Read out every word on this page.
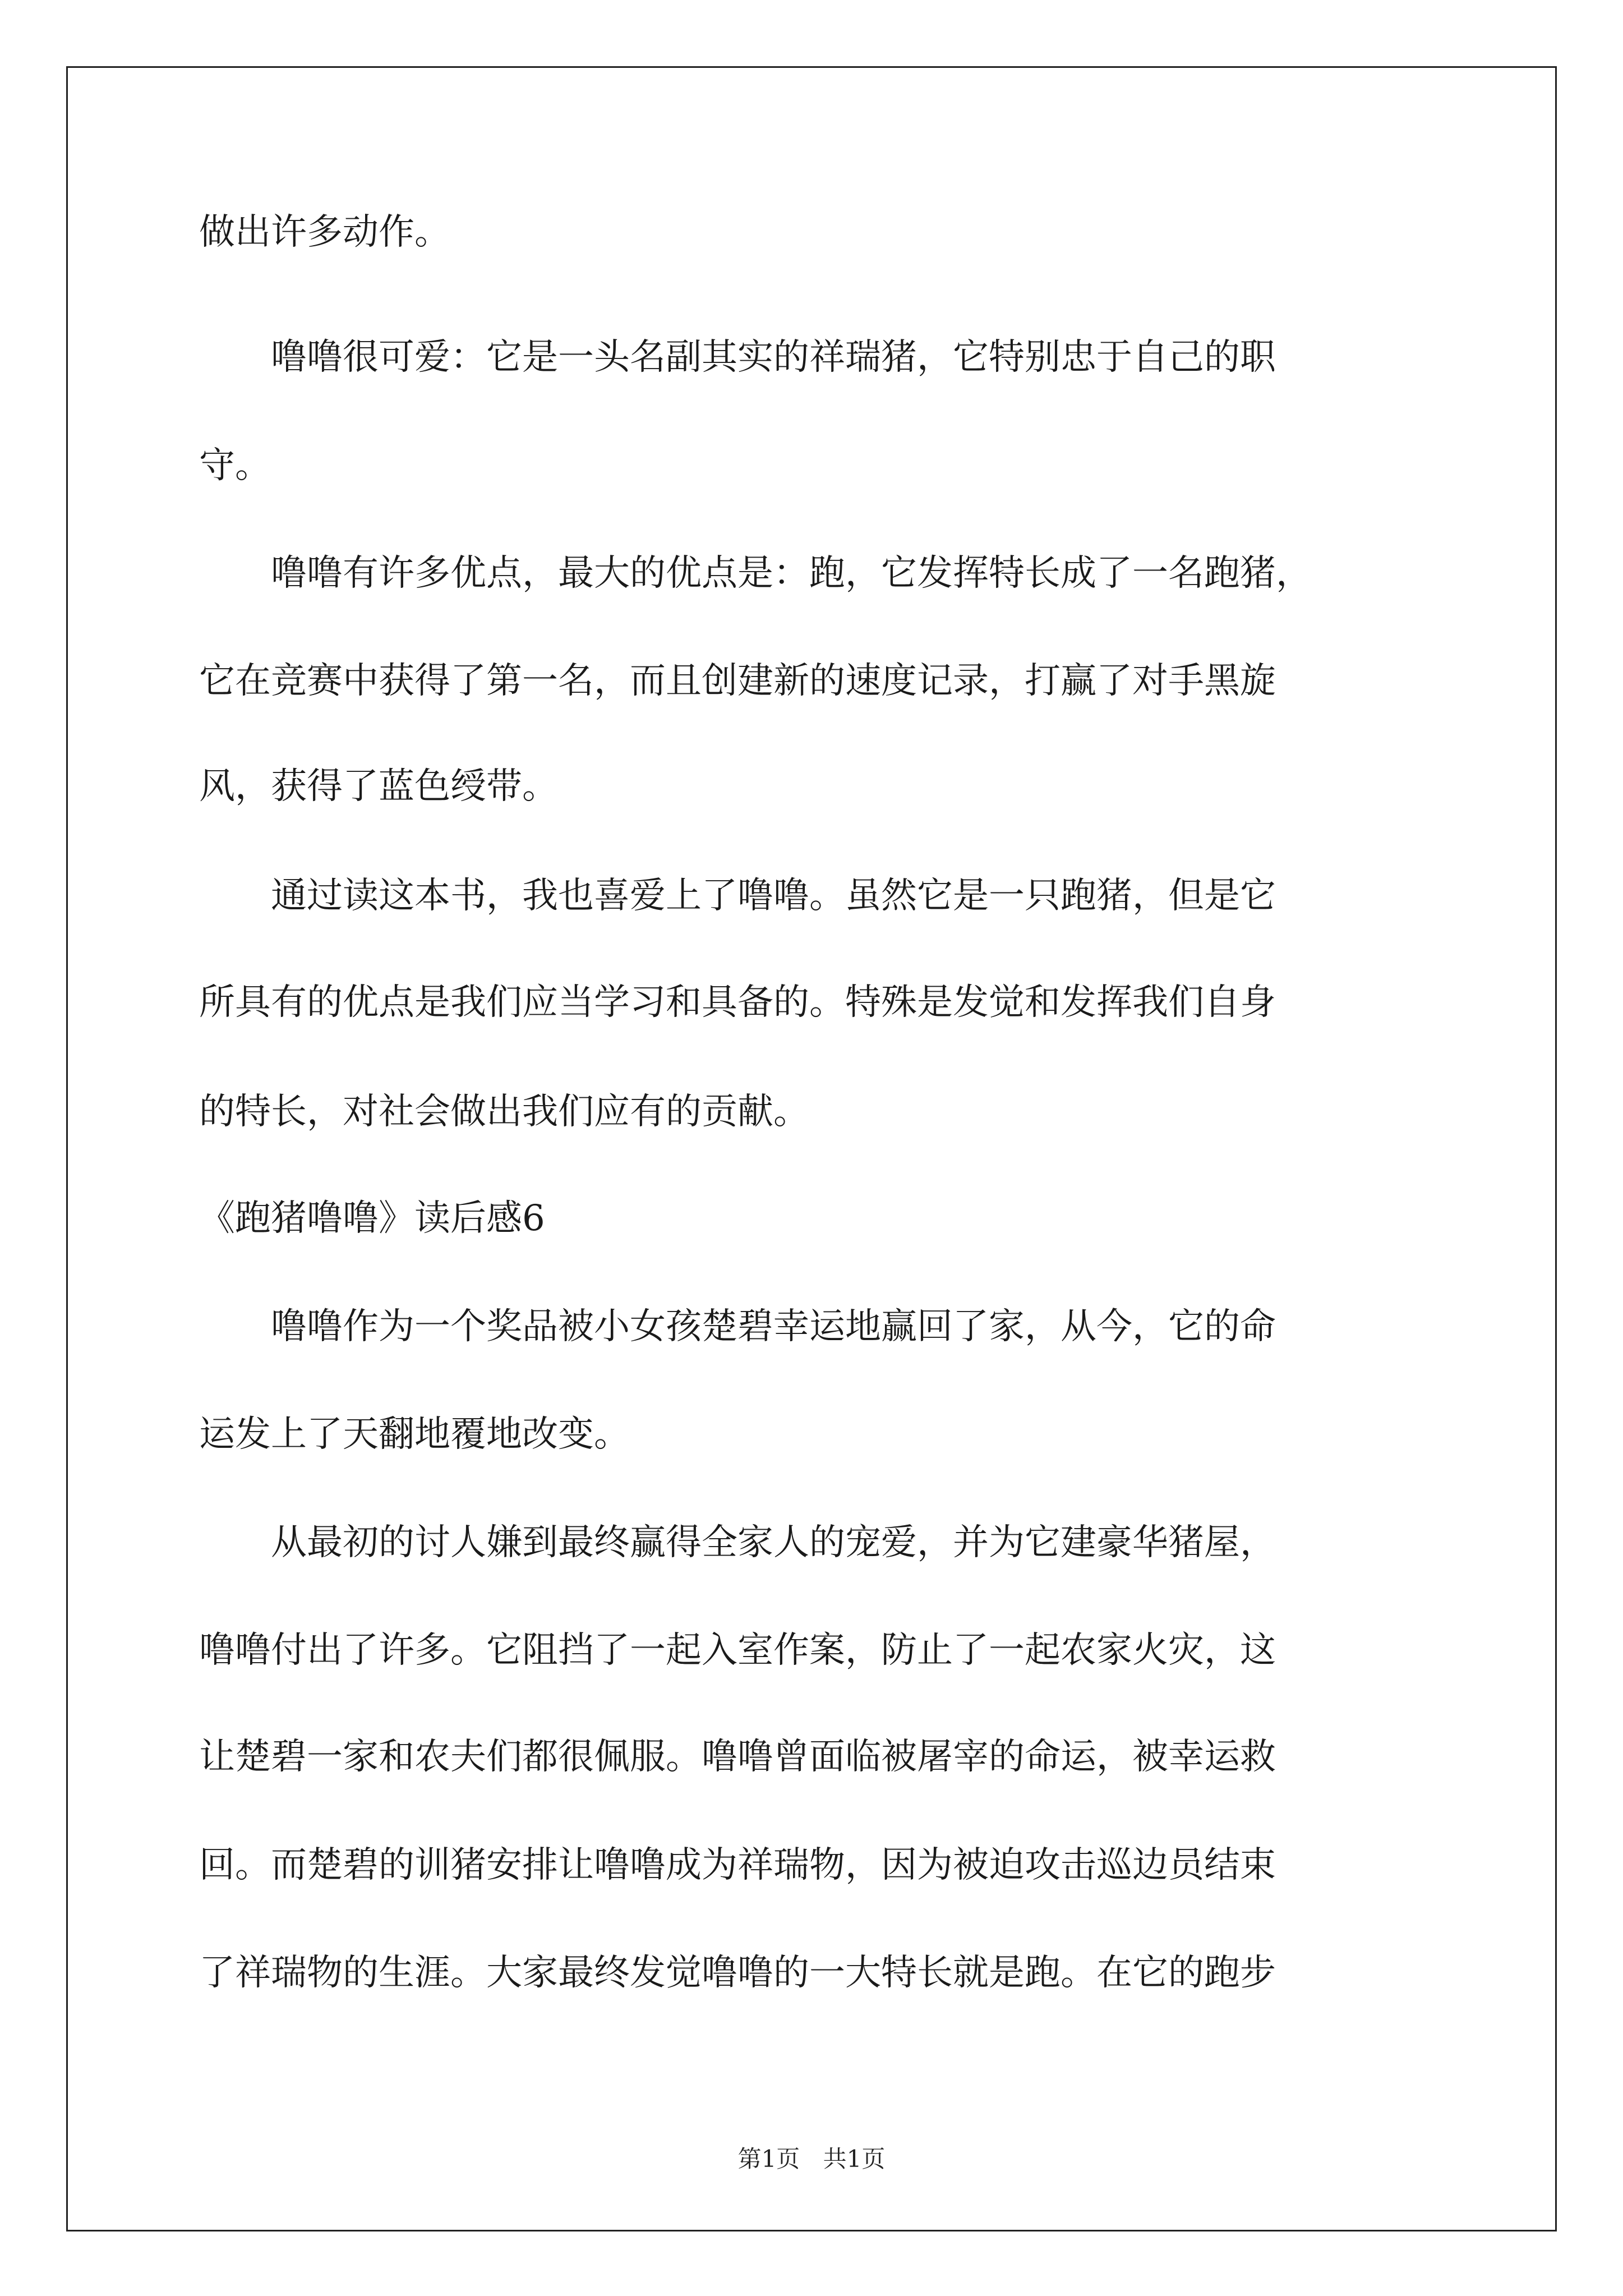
做出许多动作。
　　噜噜很可爱：它是一头名副其实的祥瑞猪，它特别忠于自己的职
守。
　　噜噜有许多优点，最大的优点是：跑，它发挥特长成了一名跑猪，
它在竞赛中获得了第一名，而且创建新的速度记录，打赢了对手黑旋
风，获得了蓝色绶带。
　　通过读这本书，我也喜爱上了噜噜。虽然它是一只跑猪，但是它
所具有的优点是我们应当学习和具备的。特殊是发觉和发挥我们自身
的特长，对社会做出我们应有的贡献。
《跑猪噜噜》读后感6
　　噜噜作为一个奖品被小女孩楚碧幸运地赢回了家，从今，它的命
运发上了天翻地覆地改变。
　　从最初的讨人嫌到最终赢得全家人的宠爱，并为它建豪华猪屋，
噜噜付出了许多。它阻挡了一起入室作案，防止了一起农家火灾，这
让楚碧一家和农夫们都很佩服。噜噜曾面临被屠宰的命运，被幸运救
回。而楚碧的训猪安排让噜噜成为祥瑞物，因为被迫攻击巡边员结束
了祥瑞物的生涯。大家最终发觉噜噜的一大特长就是跑。在它的跑步
第1页 共1页
